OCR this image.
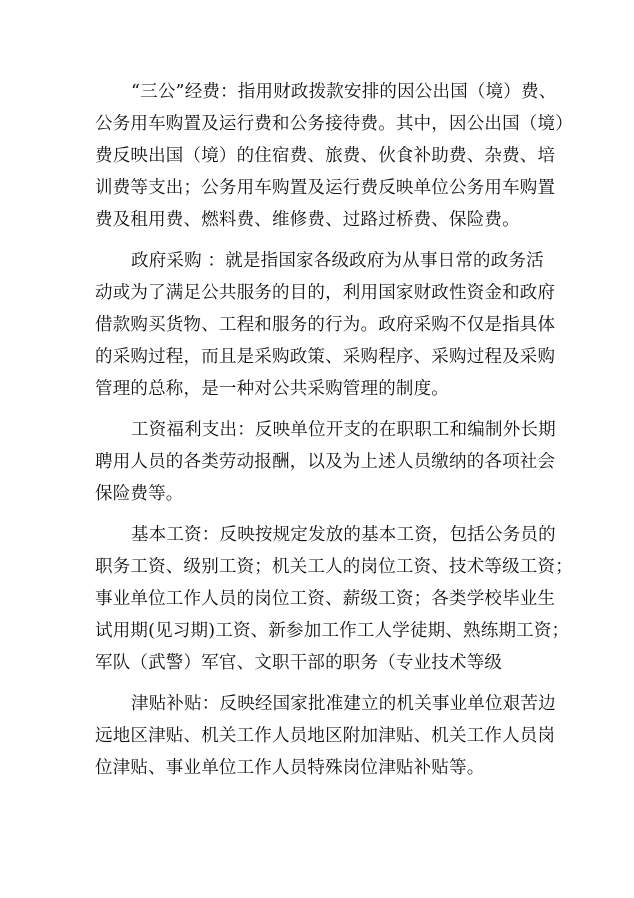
“三公”经费：指用财政拨款安排的因公出国（境）费、
公务用车购置及运行费和公务接待费。其中，因公出国（境）
费反映出国（境）的住宿费、旅费、伙食补助费、杂费、培
训费等支出；公务用车购置及运行费反映单位公务用车购置
费及租用费、燃料费、维修费、过路过桥费、保险费。
政府采购 ：就是指国家各级政府为从事日常的政务活
动或为了满足公共服务的目的，利用国家财政性资金和政府
借款购买货物、工程和服务的行为。政府采购不仅是指具体
的采购过程，而且是采购政策、采购程序、采购过程及采购
管理的总称，是一种对公共采购管理的制度。
工资福利支出：反映单位开支的在职职工和编制外长期
聘用人员的各类劳动报酬，以及为上述人员缴纳的各项社会
保险费等。
基本工资：反映按规定发放的基本工资，包括公务员的
职务工资、级别工资；机关工人的岗位工资、技术等级工资；
事业单位工作人员的岗位工资、薪级工资；各类学校毕业生
试用期(见习期)工资、新参加工作工人学徒期、熟练期工资；
军队（武警）军官、文职干部的职务（专业技术等级
津贴补贴：反映经国家批准建立的机关事业单位艰苦边
远地区津贴、机关工作人员地区附加津贴、机关工作人员岗
位津贴、事业单位工作人员特殊岗位津贴补贴等。
